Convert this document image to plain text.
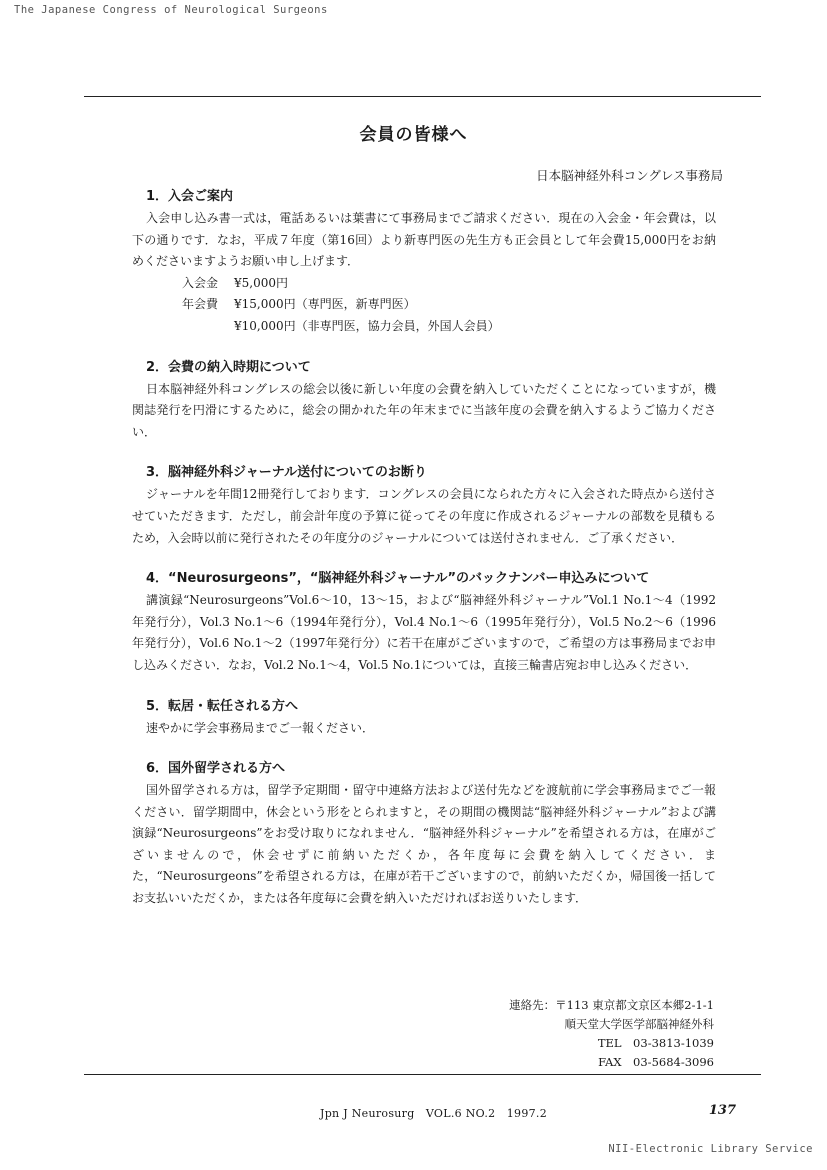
The Japanese Congress of Neurological Surgeons
会員の皆様へ
日本脳神経外科コングレス事務局
1．入会ご案内

入会申し込み書一式は，電話あるいは葉書にて事務局までご請求ください．現在の入会金・年会費は，以下の通りです．なお，平成７年度（第16回）より新専門医の先生方も正会員として年会費15,000円をお納めくださいますようお願い申し上げます．

入会金	¥5,000円
年会費	¥15,000円（専門医，新専門医）
¥10,000円（非専門医，協力会員，外国人会員）
2．会費の納入時期について

日本脳神経外科コングレスの総会以後に新しい年度の会費を納入していただくことになっていますが，機関誌発行を円滑にするために，総会の開かれた年の年末までに当該年度の会費を納入するようご協力ください．

3．脳神経外科ジャーナル送付についてのお断り

ジャーナルを年間12冊発行しております．コングレスの会員になられた方々に入会された時点から送付させていただきます．ただし，前会計年度の予算に従ってその年度に作成されるジャーナルの部数を見積もるため，入会時以前に発行されたその年度分のジャーナルについては送付されません．ご了承ください．

4．“Neurosurgeons”，“脳神経外科ジャーナル”のバックナンバー申込みについて

講演録“Neurosurgeons”Vol.6～10，13～15，および“脳神経外科ジャーナル”Vol.1 No.1～4（1992年発行分），Vol.3 No.1～6（1994年発行分），Vol.4 No.1～6（1995年発行分），Vol.5 No.2～6（1996年発行分），Vol.6 No.1～2（1997年発行分）に若干在庫がございますので，ご希望の方は事務局までお申し込みください．なお，Vol.2 No.1～4，Vol.5 No.1については，直接三輪書店宛お申し込みください．

5．転居・転任される方へ

速やかに学会事務局までご一報ください．

6．国外留学される方へ

国外留学される方は，留学予定期間・留守中連絡方法および送付先などを渡航前に学会事務局までご一報ください．留学期間中，休会という形をとられますと，その期間の機関誌“脳神経外科ジャーナル”および講演録“Neurosurgeons”をお受け取りになれません．“脳神経外科ジャーナル”を希望される方は，在庫がございませんので，休会せずに前納いただくか，各年度毎に会費を納入してください．また，“Neurosurgeons”を希望される方は，在庫が若干ございますので，前納いただくか，帰国後一括してお支払いいただくか，または各年度毎に会費を納入いただければお送りいたします．

連絡先：〒113 東京都文京区本郷2-1-1
順天堂大学医学部脳神経外科
TEL　03-3813-1039
FAX　03-5684-3096
Jpn J Neurosurg　VOL.6 NO.2　1997.2	137
NII-Electronic Library Service
